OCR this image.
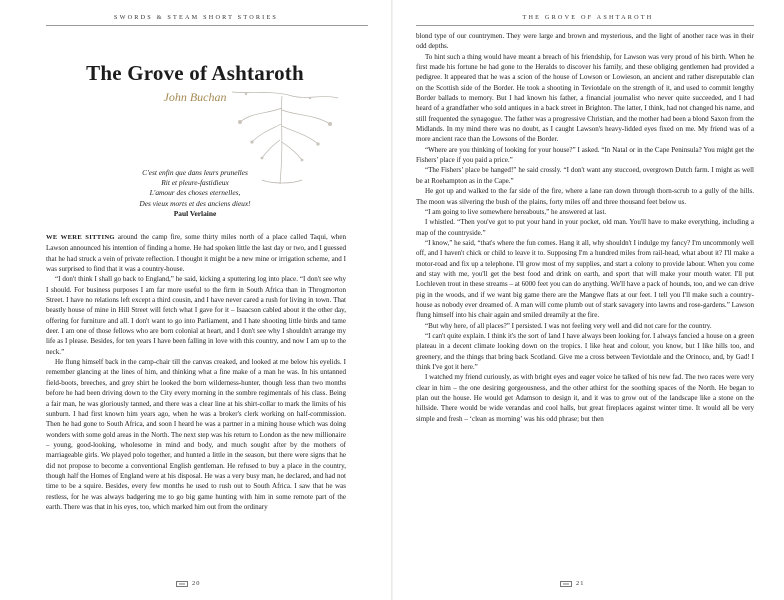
SWORDS & STEAM SHORT STORIES
The Grove of Ashtaroth
John Buchan
C'est enfin que dans leurs prunelles
Rit et pleure-fastidieux
L'amour des choses eternelles,
Des vieux morts et des anciens dieux!
Paul Verlaine

WE WERE SITTING around the camp fire, some thirty miles north of a place called Taqui, when Lawson announced his intention of finding a home. He had spoken little the last day or two, and I guessed that he had struck a vein of private reflection. I thought it might be a new mine or irrigation scheme, and I was surprised to find that it was a country-house.

“I don't think I shall go back to England,” he said, kicking a sputtering log into place. “I don't see why I should. For business purposes I am far more useful to the firm in South Africa than in Throgmorton Street. I have no relations left except a third cousin, and I have never cared a rush for living in town. That beastly house of mine in Hill Street will fetch what I gave for it – Isaacson cabled about it the other day, offering for furniture and all. I don't want to go into Parliament, and I hate shooting little birds and tame deer. I am one of those fellows who are born colonial at heart, and I don't see why I shouldn't arrange my life as I please. Besides, for ten years I have been falling in love with this country, and now I am up to the neck.”

He flung himself back in the camp-chair till the canvas creaked, and looked at me below his eyelids. I remember glancing at the lines of him, and thinking what a fine make of a man he was. In his untanned field-boots, breeches, and grey shirt he looked the born wilderness-hunter, though less than two months before he had been driving down to the City every morning in the sombre regimentals of his class. Being a fair man, he was gloriously tanned, and there was a clear line at his shirt-collar to mark the limits of his sunburn. I had first known him years ago, when he was a broker's clerk working on half-commission. Then he had gone to South Africa, and soon I heard he was a partner in a mining house which was doing wonders with some gold areas in the North. The next step was his return to London as the new millionaire – young, good-looking, wholesome in mind and body, and much sought after by the mothers of marriageable girls. We played polo together, and hunted a little in the season, but there were signs that he did not propose to become a conventional English gentleman. He refused to buy a place in the country, though half the Homes of England were at his disposal. He was a very busy man, he declared, and had not time to be a squire. Besides, every few months he used to rush out to South Africa. I saw that he was restless, for he was always badgering me to go big game hunting with him in some remote part of the earth. There was that in his eyes, too, which marked him out from the ordinary

20
THE GROVE OF ASHTAROTH

blond type of our countrymen. They were large and brown and mysterious, and the light of another race was in their odd depths.

To hint such a thing would have meant a breach of his friendship, for Lawson was very proud of his birth. When he first made his fortune he had gone to the Heralds to discover his family, and these obliging gentlemen had provided a pedigree. It appeared that he was a scion of the house of Lowson or Lowieson, an ancient and rather disreputable clan on the Scottish side of the Border. He took a shooting in Teviotdale on the strength of it, and used to commit lengthy Border ballads to memory. But I had known his father, a financial journalist who never quite succeeded, and I had heard of a grandfather who sold antiques in a back street in Brighton. The latter, I think, had not changed his name, and still frequented the synagogue. The father was a progressive Christian, and the mother had been a blond Saxon from the Midlands. In my mind there was no doubt, as I caught Lawson's heavy-lidded eyes fixed on me. My friend was of a more ancient race than the Lowsons of the Border.

“Where are you thinking of looking for your house?” I asked. “In Natal or in the Cape Peninsula? You might get the Fishers’ place if you paid a price.”

“The Fishers’ place be hanged!” he said crossly. “I don't want any stuccoed, overgrown Dutch farm. I might as well be at Roehampton as in the Cape.”

He got up and walked to the far side of the fire, where a lane ran down through thorn-scrub to a gully of the hills. The moon was silvering the bush of the plains, forty miles off and three thousand feet below us.

“I am going to live somewhere hereabouts,” he answered at last.

I whistled. “Then you've got to put your hand in your pocket, old man. You'll have to make everything, including a map of the countryside.”

“I know,” he said, “that's where the fun comes. Hang it all, why shouldn't I indulge my fancy? I'm uncommonly well off, and I haven't chick or child to leave it to. Supposing I'm a hundred miles from rail-head, what about it? I'll make a motor-road and fix up a telephone. I'll grow most of my supplies, and start a colony to provide labour. When you come and stay with me, you'll get the best food and drink on earth, and sport that will make your mouth water. I'll put Lochleven trout in these streams – at 6000 feet you can do anything. We'll have a pack of hounds, too, and we can drive pig in the woods, and if we want big game there are the Mangwe flats at our feet. I tell you I'll make such a country-house as nobody ever dreamed of. A man will come plumb out of stark savagery into lawns and rose-gardens.” Lawson flung himself into his chair again and smiled dreamily at the fire.

“But why here, of all places?” I persisted. I was not feeling very well and did not care for the country.

“I can't quite explain. I think it's the sort of land I have always been looking for. I always fancied a house on a green plateau in a decent climate looking down on the tropics. I like heat and colour, you know, but I like hills too, and greenery, and the things that bring back Scotland. Give me a cross between Teviotdale and the Orinoco, and, by Gad! I think I've got it here.”

I watched my friend curiously, as with bright eyes and eager voice he talked of his new fad. The two races were very clear in him – the one desiring gorgeousness, and the other athirst for the soothing spaces of the North. He began to plan out the house. He would get Adamson to design it, and it was to grow out of the landscape like a stone on the hillside. There would be wide verandas and cool halls, but great fireplaces against winter time. It would all be very simple and fresh – ‘clean as morning’ was his odd phrase; but then

21
